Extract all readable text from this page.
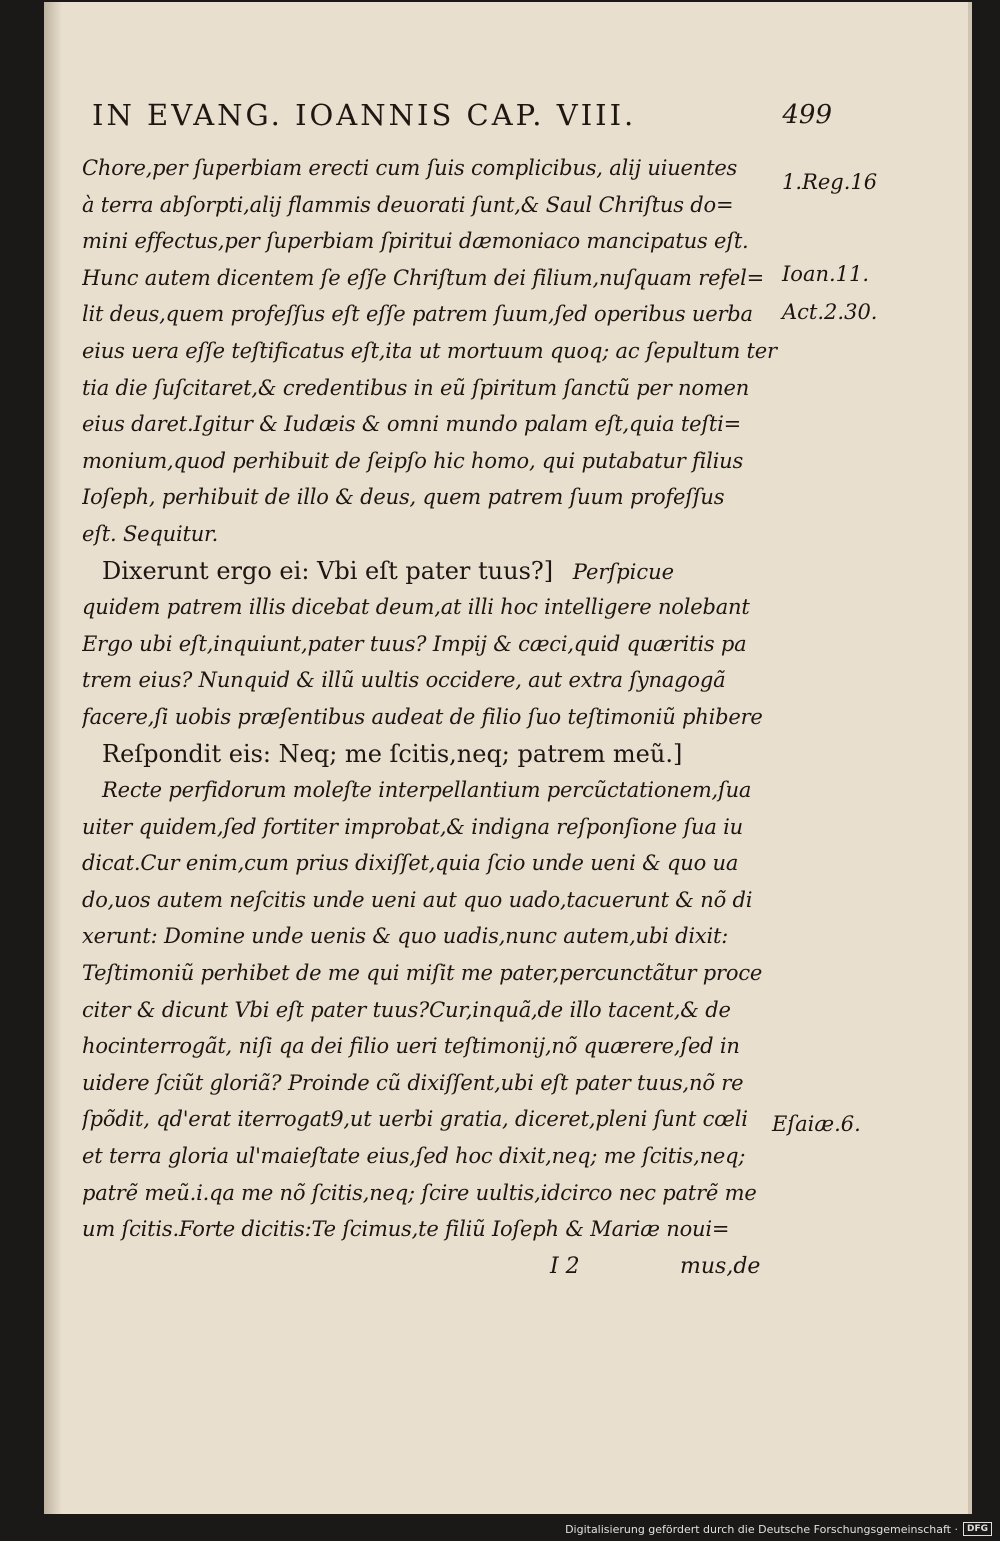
IN EVANG. IOANNIS CAP. VIII.	499
Chore,per ſuperbiam erecti cum ſuis complicibus, alij uiuentes
à terra abſorpti,alij flammis deuorati ſunt,& Saul Chriſtus do=
mini effectus,per ſuperbiam ſpiritui dæmoniaco mancipatus eſt.
Hunc autem dicentem ſe eſſe Chriſtum dei filium,nuſquam refel=
lit deus,quem profeſſus eſt eſſe patrem ſuum,ſed operibus uerba
eius uera eſſe teſtificatus eſt,ita ut mortuum quoq; ac ſepultum ter
tia die ſuſcitaret,& credentibus in eũ ſpiritum ſanctũ per nomen
eius daret.Igitur & Iudæis & omni mundo palam eſt,quia teſti=
monium,quod perhibuit de ſeipſo hic homo, qui putabatur filius
Ioſeph, perhibuit de illo & deus, quem patrem ſuum profeſſus
eſt. Sequitur.
Dixerunt ergo ei: Vbi eſt pater tuus?] Perſpicue
quidem patrem illis dicebat deum,at illi hoc intelligere nolebant
Ergo ubi eſt,inquiunt,pater tuus? Impij & cæci,quid quæritis pa
trem eius? Nunquid & illũ uultis occidere, aut extra ſynagogã
facere,ſi uobis præſentibus audeat de filio ſuo teſtimoniũ phibere
Reſpondit eis: Neq; me ſcitis,neq; patrem meũ.]
Recte perfidorum moleſte interpellantium percũctationem,ſua
uiter quidem,ſed fortiter improbat,& indigna reſponſione ſua iu
dicat.Cur enim,cum prius dixiſſet,quia ſcio unde ueni & quo ua
do,uos autem neſcitis unde ueni aut quo uado,tacuerunt & nõ di
xerunt: Domine unde uenis & quo uadis,nunc autem,ubi dixit:
Teſtimoniũ perhibet de me qui miſit me pater,percunctãtur proce
citer & dicunt Vbi eſt pater tuus?Cur,inquã,de illo tacent,& de
hocinterrogãt, niſi qa dei filio ueri teſtimonij,nõ quærere,ſed in
uidere ſciũt gloriã? Proinde cũ dixiſſent,ubi eſt pater tuus,nõ re
ſpõdit, qd'erat iterrogat9,ut uerbi gratia, diceret,pleni ſunt cœli
et terra gloria ul'maieſtate eius,ſed hoc dixit,neq; me ſcitis,neq;
patrẽ meũ.i.qa me nõ ſcitis,neq; ſcire uultis,idcirco nec patrẽ me
um ſcitis.Forte dicitis:Te ſcimus,te filiũ Ioſeph & Mariæ noui=
1.Reg.16
Ioan.11.
Act.2.30.
Eſaiæ.6.
I 2	mus,de
Digitalisierung gefördert durch die Deutsche Forschungsgemeinschaft ·	DFG
